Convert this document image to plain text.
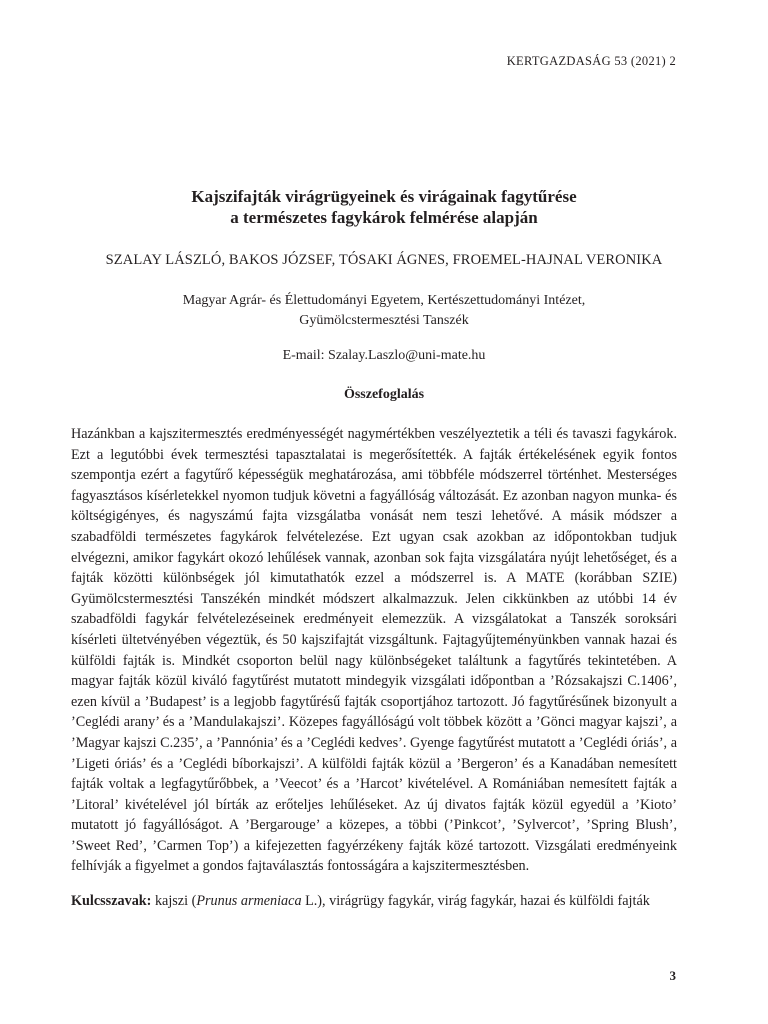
KERTGAZDASÁG 53 (2021) 2
Kajszifajták virágrügyeinek és virágainak fagytűrése
a természetes fagykárok felmérése alapján
SZALAY LÁSZLÓ, BAKOS JÓZSEF, TÓSAKI ÁGNES, FROEMEL-HAJNAL VERONIKA
Magyar Agrár- és Élettudományi Egyetem, Kertészettudományi Intézet,
Gyümölcstermesztési Tanszék
E-mail: Szalay.Laszlo@uni-mate.hu
Összefoglalás

Hazánkban a kajszitermesztés eredményességét nagymértékben veszélyeztetik a téli és tavaszi fagykárok. Ezt a legutóbbi évek termesztési tapasztalatai is megerősítették. A fajták értékelésének egyik fontos szempontja ezért a fagytűrő képességük meghatározása, ami többféle módszerrel történhet. Mesterséges fagyasztásos kísérletekkel nyomon tudjuk követni a fagyállóság változását. Ez azonban nagyon munka- és költségigényes, és nagyszámú fajta vizsgálatba vonását nem teszi lehetővé. A másik módszer a szabadföldi természetes fagykárok felvételezése. Ezt ugyan csak azokban az időpontokban tudjuk elvégezni, amikor fagykárt okozó lehűlések vannak, azonban sok fajta vizsgálatára nyújt lehetőséget, és a fajták közötti különbségek jól kimutathatók ezzel a módszerrel is. A MATE (korábban SZIE) Gyümölcstermesztési Tanszékén mindkét módszert alkalmazzuk. Jelen cikkünkben az utóbbi 14 év szabadföldi fagykár felvételezéseinek eredményeit elemezzük. A vizsgálatokat a Tanszék soroksári kísérleti ültetvényében végeztük, és 50 kajszifajtát vizsgáltunk. Fajtagyűjteményünkben vannak hazai és külföldi fajták is. Mindkét csoporton belül nagy különbségeket találtunk a fagytűrés tekintetében. A magyar fajták közül kiváló fagytűrést mutatott mindegyik vizsgálati időpontban a ’Rózsakajszi C.1406’, ezen kívül a ’Budapest’ is a legjobb fagytűrésű fajták csoportjához tartozott. Jó fagytűrésűnek bizonyult a ’Ceglédi arany’ és a ’Mandulakajszi’. Közepes fagyállóságú volt többek között a ’Gönci magyar kajszi’, a ’Magyar kajszi C.235’, a ’Pannónia’ és a ’Ceglédi kedves’. Gyenge fagytűrést mutatott a ’Ceglédi óriás’, a ’Ligeti óriás’ és a ’Ceglédi bíborkajszi’. A külföldi fajták közül a ’Bergeron’ és a Kanadában nemesített fajták voltak a legfagytűrőbbek, a ’Veecot’ és a ’Harcot’ kivételével. A Romániában nemesített fajták a ’Litoral’ kivételével jól bírták az erőteljes lehűléseket. Az új divatos fajták közül egyedül a ’Kioto’ mutatott jó fagyállóságot. A ’Bergarouge’ a közepes, a többi (’Pinkcot’, ’Sylvercot’, ’Spring Blush’, ’Sweet Red’, ’Carmen Top’) a kifejezetten fagyérzékeny fajták közé tartozott. Vizsgálati eredményeink felhívják a figyelmet a gondos fajtaválasztás fontosságára a kajszitermesztésben.

Kulcsszavak: kajszi (Prunus armeniaca L.), virágrügy fagykár, virág fagykár, hazai és külföldi fajták
3
